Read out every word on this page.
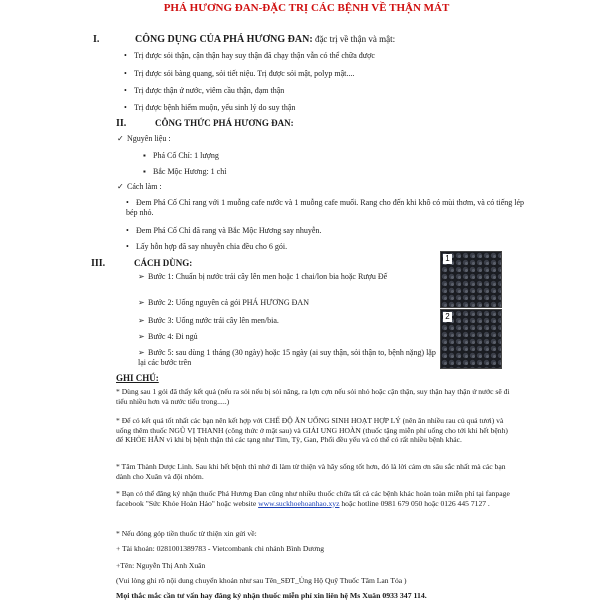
PHÁ HƯƠNG ĐAN-ĐẶC TRỊ CÁC BỆNH VỀ THẬN MÁT
I.	CÔNG DỤNG CỦA PHÁ HƯƠNG ĐAN: đặc trị về thận và mật:
• Trị được sỏi thận, cận thận hay suy thận đã chạy thận vẫn có thể chữa được
• Trị được sỏi bàng quang, sỏi tiết niệu. Trị được sỏi mật, polyp mật....
• Trị được thận ứ nước, viêm cầu thận, đạm thận
• Trị được bệnh hiếm muộn, yếu sinh lý do suy thận
II.	CÔNG THỨC PHÁ HƯƠNG ĐAN:
✓ Nguyên liệu :
▪ Phá Cố Chỉ: 1 lượng
▪ Bắc Mộc Hương: 1 chỉ
✓ Cách làm :
• Đem Phá Cố Chỉ rang với 1 muỗng cafe nước và 1 muỗng cafe muối. Rang cho đến khi khô có mùi thơm, và có tiếng lép bép nhỏ.
• Đem Phá Cố Chỉ đã rang và Bắc Mộc Hương say nhuyễn.
• Lấy hỗn hợp đã say nhuyễn chia đều cho 6 gói.
III.	CÁCH DÙNG:
➢ Bước 1: Chuẩn bị nước trái cây lên men hoặc 1 chai/lon bia hoặc Rượu Đế
➢ Bước 2: Uống nguyên cả gói PHÁ HƯƠNG ĐAN
➢ Bước 3: Uống nước trái cây lên men/bia.
➢ Bước 4: Đi ngủ
➢ Bước 5: sau dùng 1 tháng (30 ngày) hoặc 15 ngày (ai suy thận, sỏi thận to, bệnh nặng) lặp lại các bước trên
1
2
GHI CHÚ:
* Dùng sau 1 gói đã thấy kết quả (nếu ra sỏi nếu bị sỏi năng, ra lợn cợn nếu sỏi nhỏ hoặc cận thận, suy thận hay thận ứ nước sẽ đi tiểu nhiều hơn và nước tiểu trong.....)
* Để có kết quả tốt nhất các bạn nên kết hợp với CHẾ ĐỘ ĂN UỐNG SINH HOẠT HỢP LÝ (nên ăn nhiều rau củ quả tươi) và uống thêm thuốc NGŨ VỊ THANH (công thức ở mật sau) và GIẢI UNG HOÀN (thuốc tặng miễn phí uống cho tới khi hết bệnh) để KHỎE HẲN vì khi bị bệnh thận thì các tạng như Tim, Tỳ, Gan, Phổi đều yếu và có thể có rất nhiều bệnh khác.
* Tâm Thành Dược Linh. Sau khi hết bệnh thì nhớ đi làm từ thiện và hãy sống tốt hơn, đó là lời cảm ơn sâu sắc nhất mà các bạn dành cho Xuân và đội nhóm.
* Bạn có thể đăng ký nhận thuốc Phá Hương Đan cũng như nhiều thuốc chữa tất cả các bệnh khác hoàn toàn miễn phí tại fanpage facebook "Sức Khỏe Hoàn Hảo" hoặc website www.suckhoehoanhao.xyz hoặc hotline 0981 679 050 hoặc 0126 445 7127 .
* Nếu đóng góp tiền thuốc từ thiện xin gửi về:
+ Tài khoản: 0281001389783 - Vietcombank chi nhánh Bình Dương
+Tên: Nguyễn Thị Anh Xuân
(Vui lòng ghi rõ nội dung chuyển khoản như sau Tên_SĐT_Ủng Hộ Quỹ Thuốc Tâm Lan Tỏa )
Mọi thắc mắc cần tư vấn hay đăng ký nhận thuốc miễn phí xin liên hệ Ms Xuân 0933 347 114.
